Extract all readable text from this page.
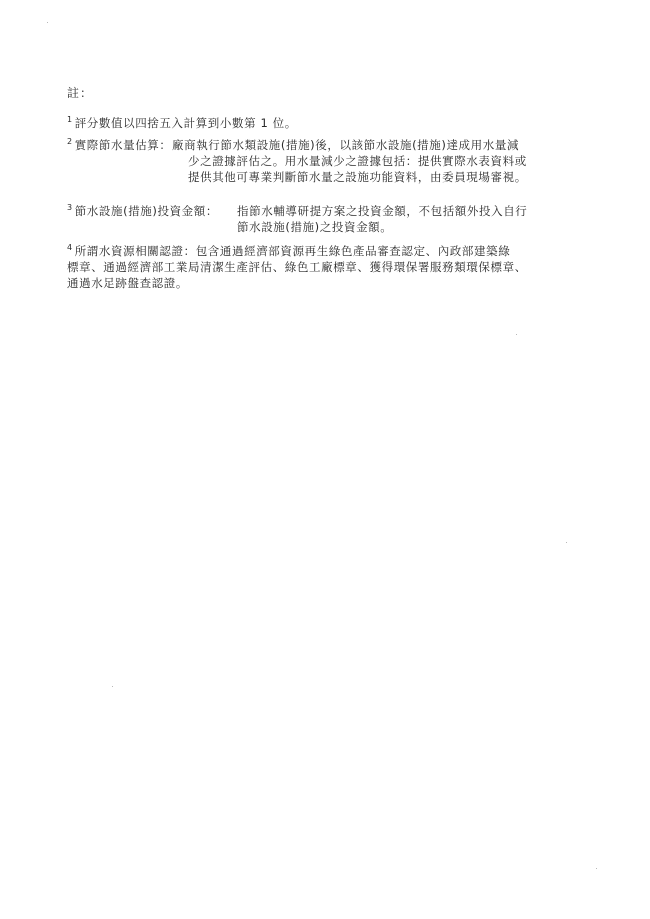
註：
$^1$ 評分數值以四捨五入計算到小數第 1 位。
$^2$ 實際節水量估算： 廠商執行節水類設施(措施)後，以該節水設施(措施)達成用水量減
少之證據評估之。用水量減少之證據包括：提供實際水表資料或
提供其他可專業判斷節水量之設施功能資料，由委員現場審視。
$^3$ 節水設施(措施)投資金額： 指節水輔導研提方案之投資金額，不包括額外投入自行
節水設施(措施)之投資金額。
$^4$ 所謂水資源相關認證：包含通過經濟部資源再生綠色產品審查認定、內政部建築綠
標章、通過經濟部工業局清潔生產評估、綠色工廠標章、獲得環保署服務類環保標章、
通過水足跡盤查認證。
